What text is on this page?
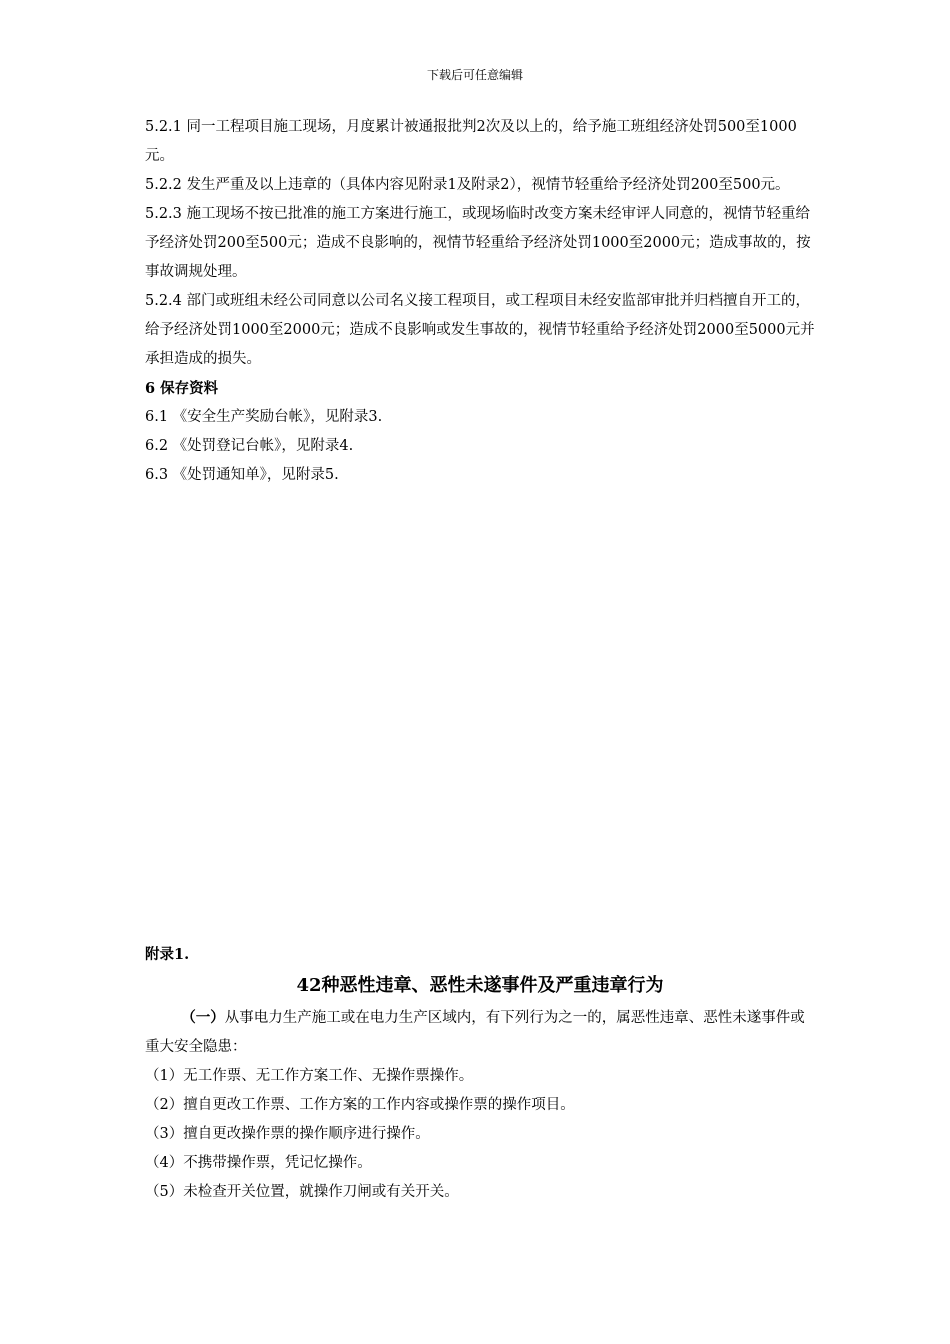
下载后可任意编辑

5.2.1 同一工程项目施工现场，月度累计被通报批判2次及以上的，给予施工班组经济处罚500至1000元。

5.2.2 发生严重及以上违章的（具体内容见附录1及附录2），视情节轻重给予经济处罚200至500元。

5.2.3 施工现场不按已批准的施工方案进行施工，或现场临时改变方案未经审评人同意的，视情节轻重给予经济处罚200至500元；造成不良影响的，视情节轻重给予经济处罚1000至2000元；造成事故的，按事故调规处理。

5.2.4 部门或班组未经公司同意以公司名义接工程项目，或工程项目未经安监部审批并归档擅自开工的，给予经济处罚1000至2000元；造成不良影响或发生事故的，视情节轻重给予经济处罚2000至5000元并承担造成的损失。

6 保存资料

6.1 《安全生产奖励台帐》，见附录3.

6.2 《处罚登记台帐》，见附录4.

6.3 《处罚通知单》，见附录5.

附录1.

42种恶性违章、恶性未遂事件及严重违章行为

（一）从事电力生产施工或在电力生产区域内，有下列行为之一的，属恶性违章、恶性未遂事件或重大安全隐患：

（1）无工作票、无工作方案工作、无操作票操作。

（2）擅自更改工作票、工作方案的工作内容或操作票的操作项目。

（3）擅自更改操作票的操作顺序进行操作。

（4）不携带操作票，凭记忆操作。

（5）未检查开关位置，就操作刀闸或有关开关。
